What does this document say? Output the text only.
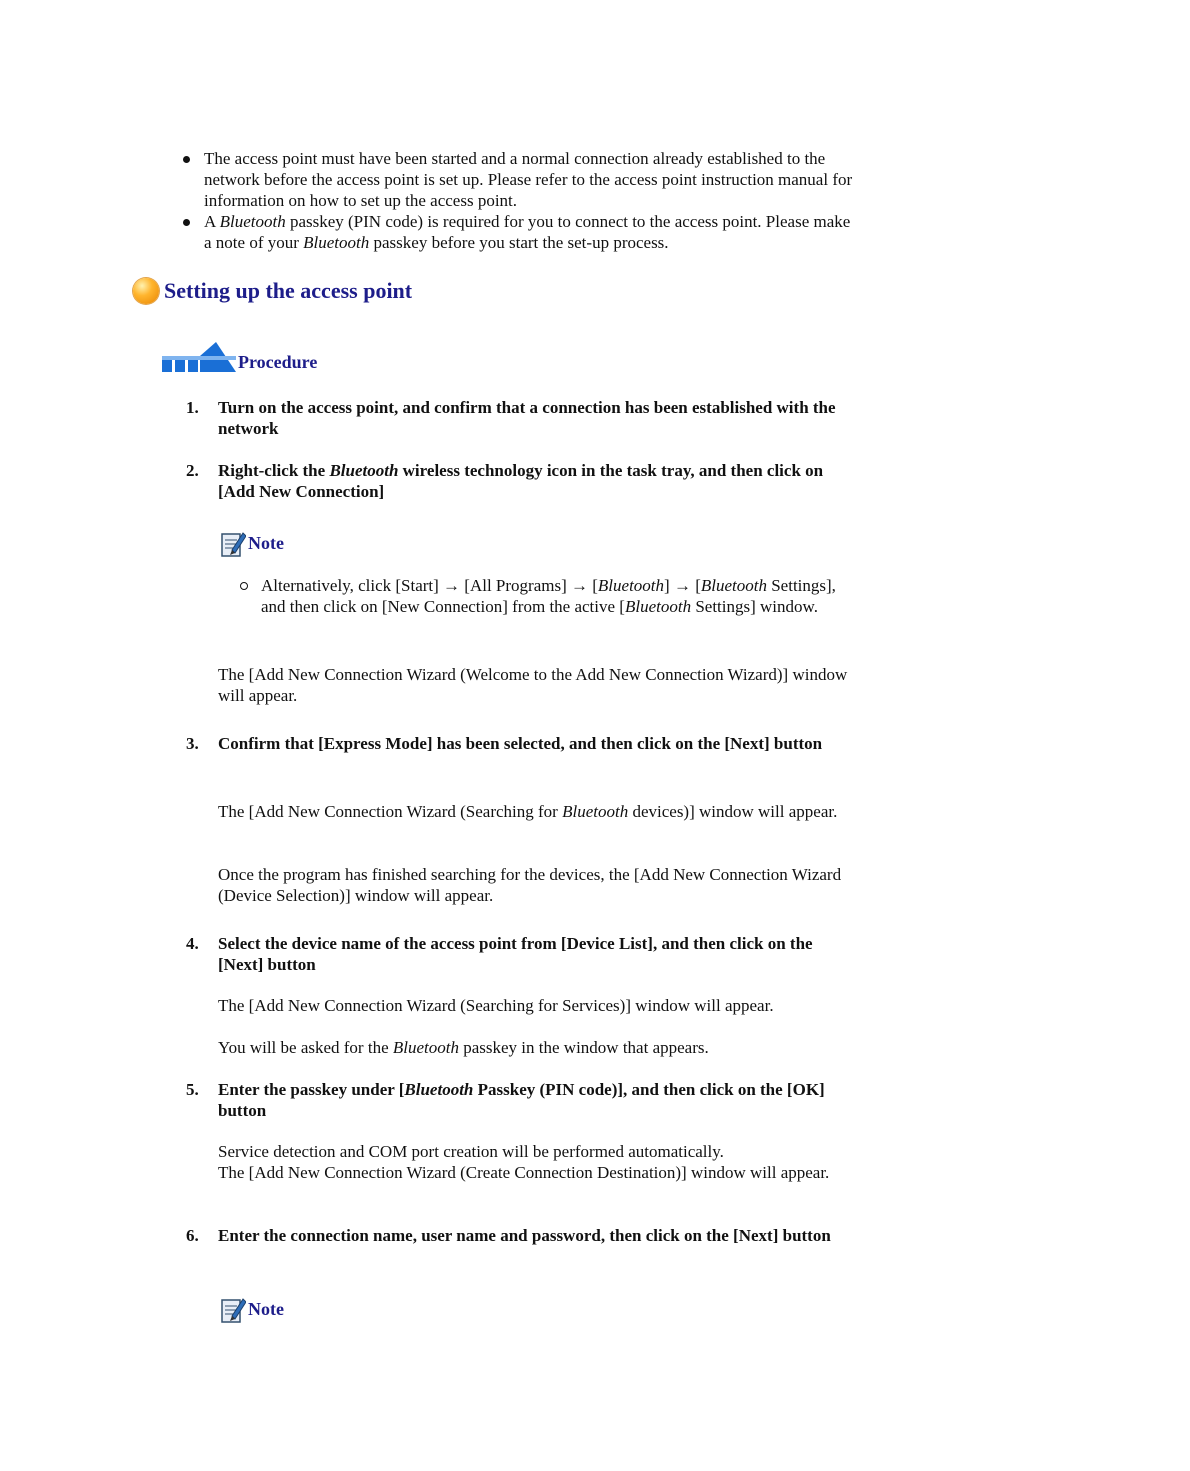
The access point must have been started and a normal connection already established to the network before the access point is set up. Please refer to the access point instruction manual for information on how to set up the access point.
A Bluetooth passkey (PIN code) is required for you to connect to the access point. Please make a note of your Bluetooth passkey before you start the set-up process.
Setting up the access point
Procedure
1. Turn on the access point, and confirm that a connection has been established with the network
2. Right-click the Bluetooth wireless technology icon in the task tray, and then click on [Add New Connection]
Note
Alternatively, click [Start] → [All Programs] → [Bluetooth] → [Bluetooth Settings], and then click on [New Connection] from the active [Bluetooth Settings] window.
The [Add New Connection Wizard (Welcome to the Add New Connection Wizard)] window will appear.
3. Confirm that [Express Mode] has been selected, and then click on the [Next] button
The [Add New Connection Wizard (Searching for Bluetooth devices)] window will appear.
Once the program has finished searching for the devices, the [Add New Connection Wizard (Device Selection)] window will appear.
4. Select the device name of the access point from [Device List], and then click on the [Next] button
The [Add New Connection Wizard (Searching for Services)] window will appear.
You will be asked for the Bluetooth passkey in the window that appears.
5. Enter the passkey under [Bluetooth Passkey (PIN code)], and then click on the [OK] button
Service detection and COM port creation will be performed automatically.
The [Add New Connection Wizard (Create Connection Destination)] window will appear.
6. Enter the connection name, user name and password, then click on the [Next] button
Note
